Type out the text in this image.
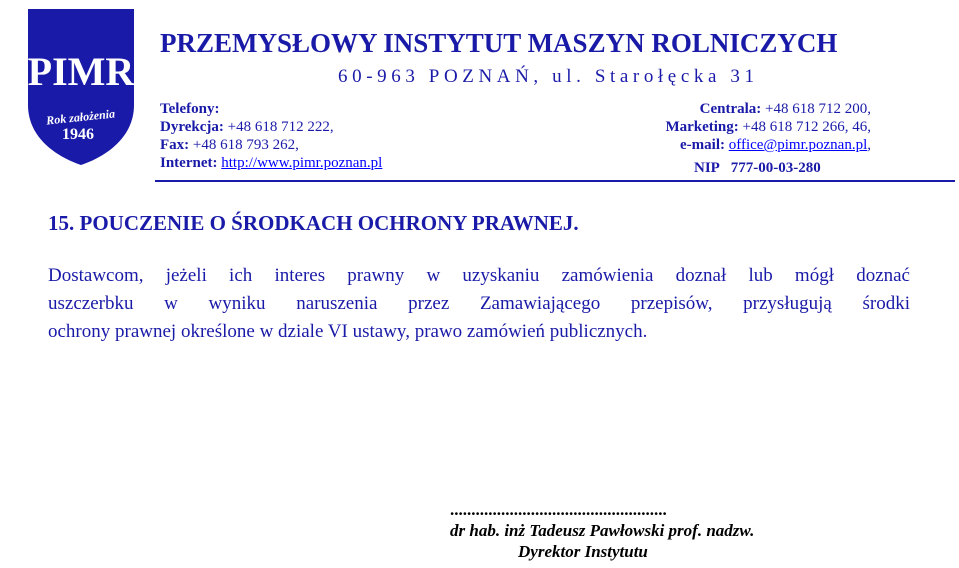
PIMR
Rok założenia
1946
PRZEMYSŁOWY INSTYTUT MASZYN ROLNICZYCH
60-963 POZNAŃ, ul. Starołęcka 31
Telefony:
Dyrekcja: +48 618 712 222,
Fax: +48 618 793 262,
Internet: http://www.pimr.poznan.pl
Centrala: +48 618 712 200,
Marketing: +48 618 712 266, 46,
e-mail: office@pimr.poznan.pl,
NIP 777-00-03-280
15. POUCZENIE O ŚRODKACH OCHRONY PRAWNEJ.
Dostawcom, jeżeli ich interes prawny w uzyskaniu zamówienia doznał lub mógł doznać
uszczerbku w wyniku naruszenia przez Zamawiającego przepisów, przysługują środki
ochrony prawnej określone w dziale VI ustawy, prawo zamówień publicznych.
...................................................
dr hab. inż Tadeusz Pawłowski prof. nadzw.
Dyrektor Instytutu
